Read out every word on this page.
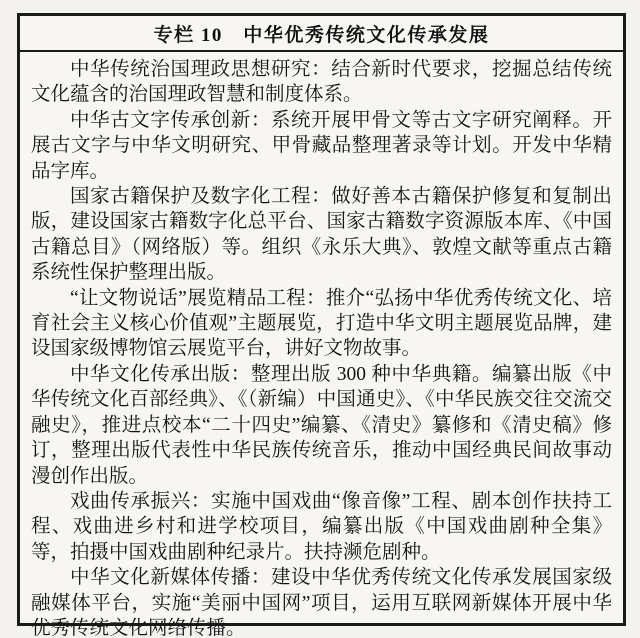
专栏 10　中华优秀传统文化传承发展

中华传统治国理政思想研究：结合新时代要求，挖掘总结传统文化蕴含的治国理政智慧和制度体系。

中华古文字传承创新：系统开展甲骨文等古文字研究阐释。开展古文字与中华文明研究、甲骨藏品整理著录等计划。开发中华精品字库。

国家古籍保护及数字化工程：做好善本古籍保护修复和复制出版，建设国家古籍数字化总平台、国家古籍数字资源版本库、《中国古籍总目》（网络版）等。组织《永乐大典》、敦煌文献等重点古籍系统性保护整理出版。

“让文物说话”展览精品工程：推介“弘扬中华优秀传统文化、培育社会主义核心价值观”主题展览，打造中华文明主题展览品牌，建设国家级博物馆云展览平台，讲好文物故事。

中华文化传承出版：整理出版 300 种中华典籍。编纂出版《中华传统文化百部经典》、《（新编）中国通史》、《中华民族交往交流交融史》，推进点校本“二十四史”编纂、《清史》纂修和《清史稿》修订，整理出版代表性中华民族传统音乐，推动中国经典民间故事动漫创作出版。

戏曲传承振兴：实施中国戏曲“像音像”工程、剧本创作扶持工程、戏曲进乡村和进学校项目，编纂出版《中国戏曲剧种全集》等，拍摄中国戏曲剧种纪录片。扶持濒危剧种。

中华文化新媒体传播：建设中华优秀传统文化传承发展国家级融媒体平台，实施“美丽中国网”项目，运用互联网新媒体开展中华优秀传统文化网络传播。
